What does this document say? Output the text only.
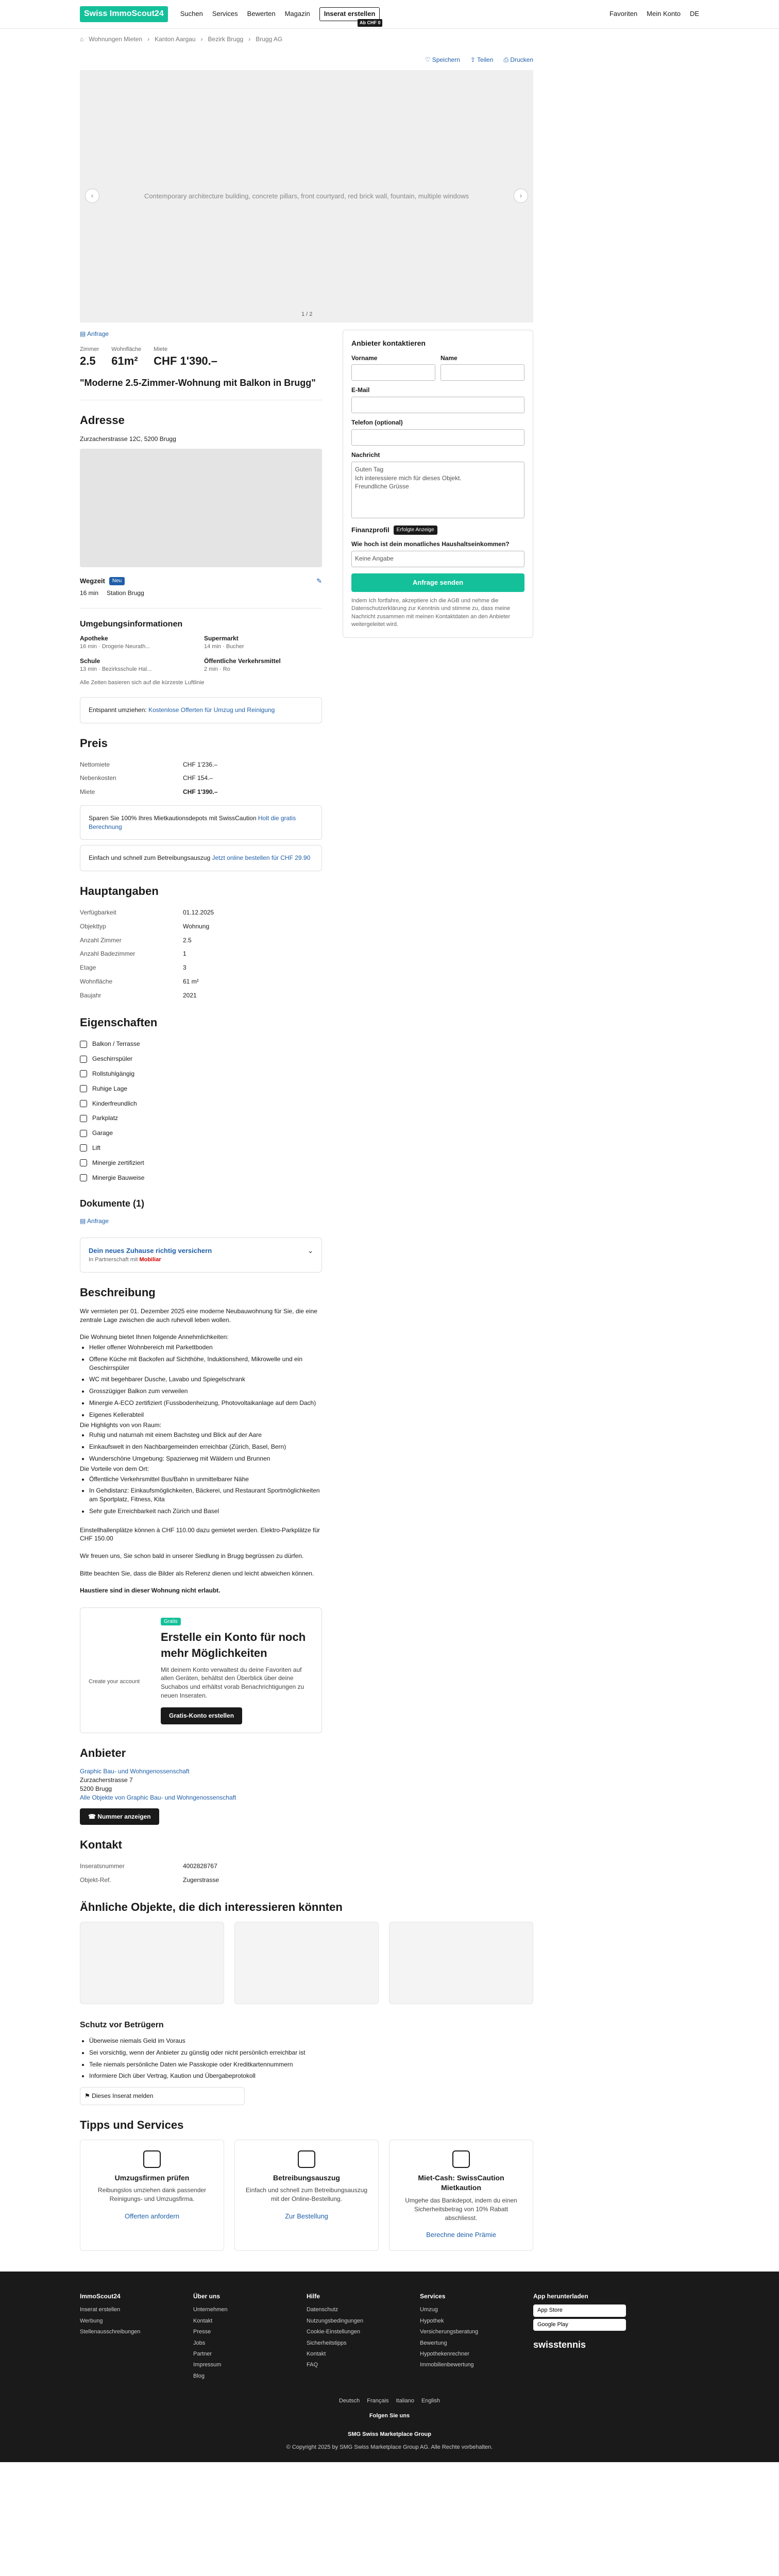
Swiss ImmoScout24	Suchen Services Bewerten Magazin	Inserat erstellen
Ab CHF 0
Favoriten Mein Konto DE
⌂ Wohnungen Mieten › Kanton Aargau › Bezirk Brugg › Brugg AG
♡ Speichern ⇪ Teilen ⎙ Drucken
Contemporary architecture building, concrete pillars, front courtyard, red brick wall, fountain, multiple windows
‹	›
1 / 2
▤ Anfrage
Zimmer
2.5
Wohnfläche
61m²
Miete
CHF 1'390.–
"Moderne 2.5-Zimmer-Wohnung mit Balkon in Brugg"
Adresse
Zurzacherstrasse 12C, 5200 Brugg
Wegzeit	Neu	✎
16 min Station Brugg
Umgebungsinformationen
Apotheke
16 min · Drogerie Neurath...
Supermarkt
14 min · Bucher
Schule
13 min · Bezirksschule Hal...
Öffentliche Verkehrsmittel
2 min · Ro
Alle Zeiten basieren sich auf die kürzeste Luftlinie
Entspannt umziehen: Kostenlose Offerten für Umzug und Reinigung
Preis
Nettomiete	CHF 1'236.–
Nebenkosten	CHF 154.–
Miete	CHF 1'390.–
Sparen Sie 100% Ihres Mietkautionsdepots mit SwissCaution Holt die gratis Berechnung
Einfach und schnell zum Betreibungsauszug Jetzt online bestellen für CHF 29.90
Hauptangaben
Verfügbarkeit	01.12.2025
Objekttyp	Wohnung
Anzahl Zimmer	2.5
Anzahl Badezimmer	1
Etage	3
Wohnfläche	61 m²
Baujahr	2021
Eigenschaften
Balkon / Terrasse
Geschirrspüler
Rollstuhlgängig
Ruhige Lage
Kinderfreundlich
Parkplatz
Garage
Lift
Minergie zertifiziert
Minergie Bauweise
Dokumente (1)
▤ Anfrage
Dein neues Zuhause richtig versichern
In Partnerschaft mit Mobiliar
⌄
Beschreibung

Wir vermieten per 01. Dezember 2025 eine moderne Neubauwohnung für Sie, die eine zentrale Lage zwischen die auch ruhevoll leben wollen.

Die Wohnung bietet Ihnen folgende Annehmlichkeiten:

• Heller offener Wohnbereich mit Parkettboden
• Offene Küche mit Backofen auf Sichthöhe, Induktionsherd, Mikrowelle und ein Geschirrspüler
• WC mit begehbarer Dusche, Lavabo und Spiegelschrank
• Grosszügiger Balkon zum verweilen
• Minergie A-ECO zertifiziert (Fussbodenheizung, Photovoltaikanlage auf dem Dach)
• Eigenes Kellerabteil

Die Highlights von von Raum:

• Ruhig und naturnah mit einem Bachsteg und Blick auf der Aare
• Einkaufswelt in den Nachbargemeinden erreichbar (Zürich, Basel, Bern)
• Wunderschöne Umgebung: Spazierweg mit Wäldern und Brunnen

Die Vorteile von dem Ort:

• Öffentliche Verkehrsmittel Bus/Bahn in unmittelbarer Nähe
• In Gehdistanz: Einkaufsmöglichkeiten, Bäckerei, und Restaurant Sportmöglichkeiten am Sportplatz, Fitness, Kita
• Sehr gute Erreichbarkeit nach Zürich und Basel

Einstellhallenplätze können à CHF 110.00 dazu gemietet werden. Elektro-Parkplätze für CHF 150.00

Wir freuen uns, Sie schon bald in unserer Siedlung in Brugg begrüssen zu dürfen.

Bitte beachten Sie, dass die Bilder als Referenz dienen und leicht abweichen können.

Haustiere sind in dieser Wohnung nicht erlaubt.
Create your account
Gratis
Erstelle ein Konto für noch mehr Möglichkeiten
Mit deinem Konto verwaltest du deine Favoriten auf allen Geräten, behältst den Überblick über deine Suchabos und erhältst vorab Benachrichtigungen zu neuen Inseraten.
Gratis-Konto erstellen
Anbieter
Graphic Bau- und Wohngenossenschaft
Zurzacherstrasse 7
5200 Brugg
Alle Objekte von Graphic Bau- und Wohngenossenschaft
☎ Nummer anzeigen
Kontakt
Inseratsnummer	4002828767
Objekt-Ref.	Zugerstrasse
Anbieter kontaktieren
Vorname	Name
E-Mail
Telefon (optional)
Nachricht
Guten Tag
Ich interessiere mich für dieses Objekt.
Freundliche Grüsse
Finanzprofil	Erfolgte Anzeige
Wie hoch ist dein monatliches Haushaltseinkommen?
Keine Angabe
Anfrage senden
Indem Ich fortfahre, akzeptiere ich die AGB und nehme die Datenschutzerklärung zur Kenntnis und stimme zu, dass meine Nachricht zusammen mit meinen Kontaktdaten an den Anbieter weitergeleitet wird.
Ähnliche Objekte, die dich interessieren könnten
Schutz vor Betrügern
• Überweise niemals Geld im Voraus
• Sei vorsichtig, wenn der Anbieter zu günstig oder nicht persönlich erreichbar ist
• Teile niemals persönliche Daten wie Passkopie oder Kreditkartennummern
• Informiere Dich über Vertrag, Kaution und Übergabeprotokoll
⚑ Dieses Inserat melden
Tipps und Services
Umzugsfirmen prüfen
Reibungslos umziehen dank passender Reinigungs- und Umzugsfirma.
Offerten anfordern
Betreibungsauszug
Einfach und schnell zum Betreibungsauszug mit der Online-Bestellung.
Zur Bestellung
Miet-Cash: SwissCaution Mietkaution
Umgehe das Bankdepot, indem du einen Sicherheitsbetrag von 10% Rabatt abschliesst.
Berechne deine Prämie
ImmoScout24
Inserat erstellen
Werbung
Stellenausschreibungen
Über uns
Unternehmen
Kontakt
Presse
Jobs
Partner
Impressum
Blog
Hilfe
Datenschutz
Nutzungsbedingungen
Cookie-Einstellungen
Sicherheitstipps
Kontakt
FAQ
Services
Umzug
Hypothek
Versicherungsberatung
Bewertung
Hypothekenrechner
Immobilienbewertung
App herunterladen
App Store
Google Play
swisstennis
Deutsch Français Italiano English
Folgen Sie uns
SMG Swiss Marketplace Group
© Copyright 2025 by SMG Swiss Marketplace Group AG. Alle Rechte vorbehalten.
